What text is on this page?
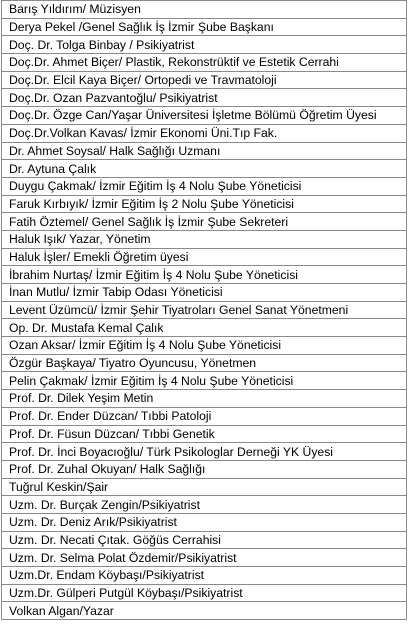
Barış Yıldırım/ Müzisyen
Derya Pekel /Genel Sağlık İş İzmir Şube Başkanı
Doç. Dr. Tolga Binbay / Psikiyatrist
Doç.Dr. Ahmet Biçer/ Plastik, Rekonstrüktif ve Estetik Cerrahi
Doç.Dr. Elcil Kaya Biçer/ Ortopedi ve Travmatoloji
Doç.Dr. Ozan Pazvantoğlu/ Psikiyatrist
Doç.Dr. Özge Can/Yaşar Üniversitesi İşletme Bölümü Öğretim Üyesi
Doç.Dr.Volkan Kavas/ İzmir Ekonomi Üni.Tıp Fak.
Dr. Ahmet Soysal/ Halk Sağlığı Uzmanı
Dr. Aytuna Çalık
Duygu Çakmak/ İzmir Eğitim İş 4 Nolu Şube Yöneticisi
Faruk Kırbıyık/ İzmir Eğitim İş 2 Nolu Şube Yöneticisi
Fatih Öztemel/ Genel Sağlık İş İzmir Şube Sekreteri
Haluk Işık/ Yazar, Yönetim
Haluk İşler/ Emekli Öğretim üyesi
İbrahim Nurtaş/ İzmir Eğitim İş 4 Nolu Şube Yöneticisi
İnan Mutlu/ İzmir Tabip Odası Yöneticisi
Levent Üzümcü/ İzmir Şehir Tiyatroları Genel Sanat Yönetmeni
Op. Dr. Mustafa Kemal Çalık
Ozan Aksar/ İzmir Eğitim İş 4 Nolu Şube Yöneticisi
Özgür Başkaya/ Tiyatro Oyuncusu, Yönetmen
Pelin Çakmak/ İzmir Eğitim İş 4 Nolu Şube Yöneticisi
Prof. Dr. Dilek Yeşim Metin
Prof. Dr. Ender Düzcan/ Tıbbi Patoloji
Prof. Dr. Füsun Düzcan/ Tıbbi Genetik
Prof. Dr. İnci Boyacıoğlu/ Türk Psikologlar Derneği YK Üyesi
Prof. Dr. Zuhal Okuyan/ Halk Sağlığı
Tuğrul Keskin/Şair
Uzm. Dr. Burçak Zengin/Psikiyatrist
Uzm. Dr. Deniz Arık/Psikiyatrist
Uzm. Dr. Necati Çıtak. Göğüs Cerrahisi
Uzm. Dr. Selma Polat Özdemir/Psikiyatrist
Uzm.Dr. Endam Köybaşı/Psikiyatrist
Uzm.Dr. Gülperi Putgül Köybaşı/Psikiyatrist
Volkan Algan/Yazar
